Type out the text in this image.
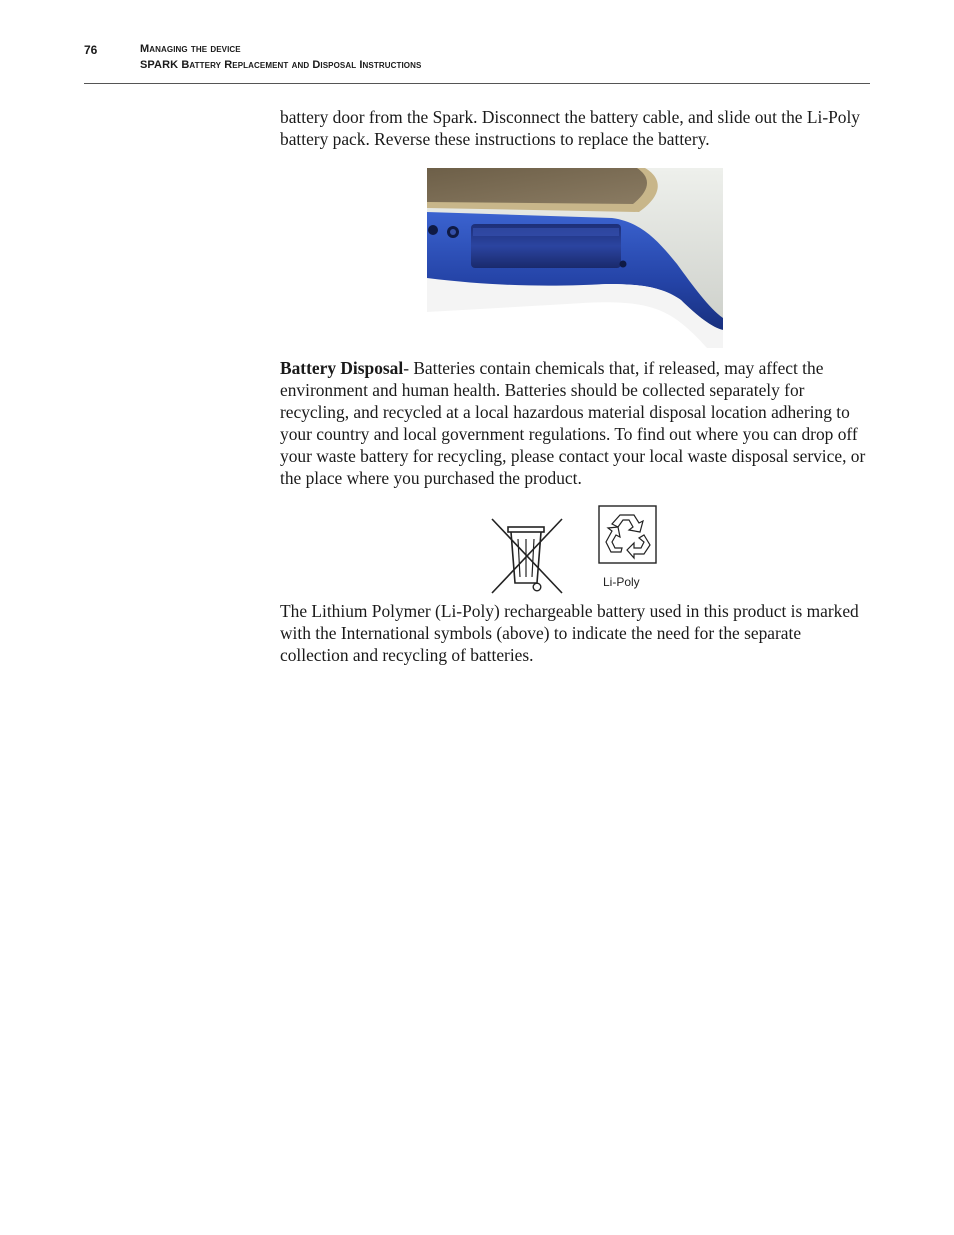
76	Managing the device
SPARK Battery Replacement and Disposal Instructions

battery door from the Spark. Disconnect the battery cable, and slide out the Li-Poly battery pack. Reverse these instructions to replace the battery.

Battery Disposal- Batteries contain chemicals that, if released, may affect the environment and human health. Batteries should be collected separately for recycling, and recycled at a local hazardous material disposal location adhering to your country and local government regulations. To find out where you can drop off your waste battery for recycling, please contact your local waste disposal service, or the place where you purchased the product.

Li-Poly

The Lithium Polymer (Li-Poly) rechargeable battery used in this product is marked with the International symbols (above) to indicate the need for the separate collection and recycling of batteries.
